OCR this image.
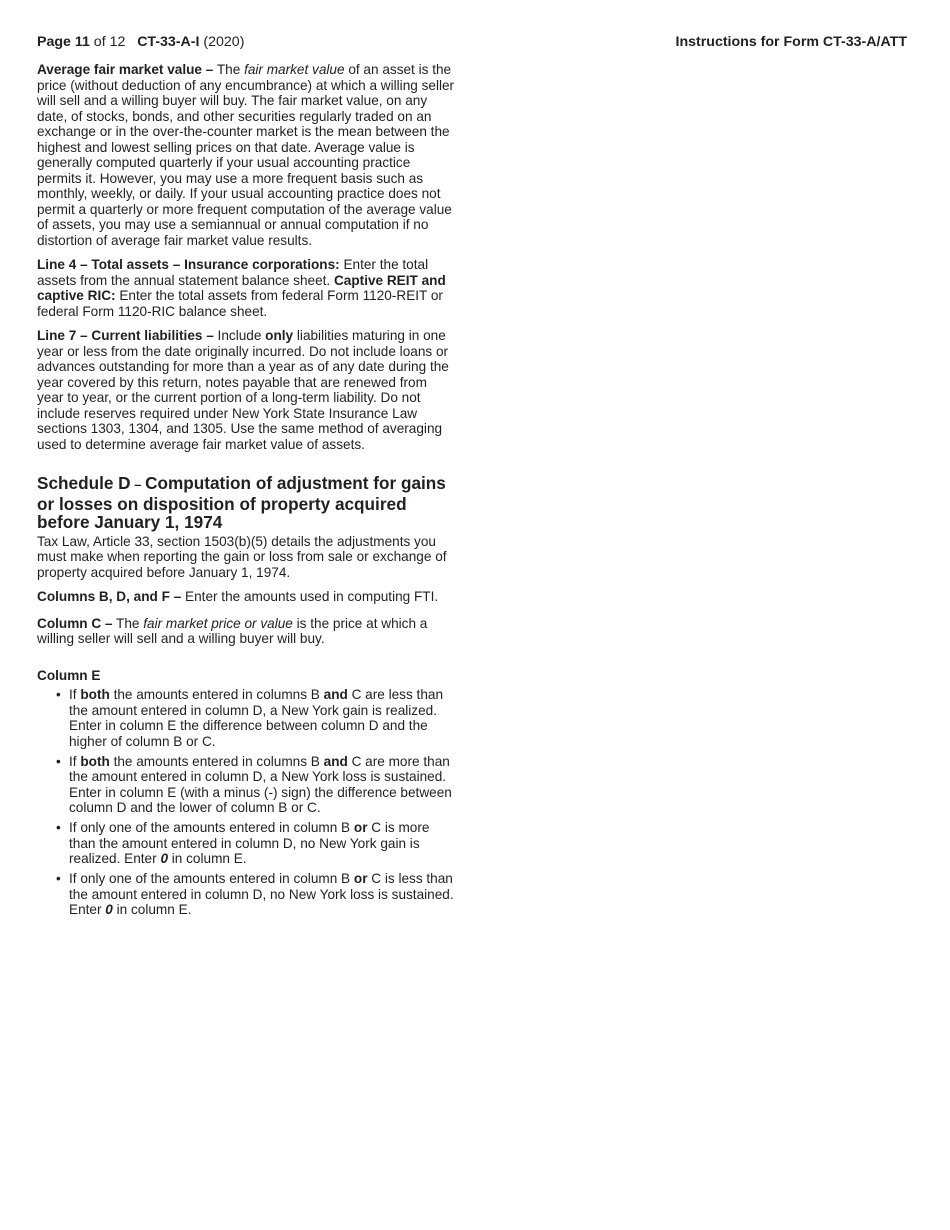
Page 11 of 12 CT-33-A-I (2020)	Instructions for Form CT-33-A/ATT

Average fair market value – The fair market value of an asset is the price (without deduction of any encumbrance) at which a willing seller will sell and a willing buyer will buy. The fair market value, on any date, of stocks, bonds, and other securities regularly traded on an exchange or in the over-the-counter market is the mean between the highest and lowest selling prices on that date. Average value is generally computed quarterly if your usual accounting practice permits it. However, you may use a more frequent basis such as monthly, weekly, or daily. If your usual accounting practice does not permit a quarterly or more frequent computation of the average value of assets, you may use a semiannual or annual computation if no distortion of average fair market value results.

Line 4 – Total assets – Insurance corporations: Enter the total assets from the annual statement balance sheet. Captive REIT and captive RIC: Enter the total assets from federal Form 1120-REIT or federal Form 1120-RIC balance sheet.

Line 7 – Current liabilities – Include only liabilities maturing in one year or less from the date originally incurred. Do not include loans or advances outstanding for more than a year as of any date during the year covered by this return, notes payable that are renewed from year to year, or the current portion of a long-term liability. Do not include reserves required under New York State Insurance Law sections 1303, 1304, and 1305. Use the same method of averaging used to determine average fair market value of assets.

Schedule D – Computation of adjustment for gains or losses on disposition of property acquired before January 1, 1974

Tax Law, Article 33, section 1503(b)(5) details the adjustments you must make when reporting the gain or loss from sale or exchange of property acquired before January 1, 1974.

Columns B, D, and F – Enter the amounts used in computing FTI.

Column C – The fair market price or value is the price at which a willing seller will sell and a willing buyer will buy.

Column E
• If both the amounts entered in columns B and C are less than the amount entered in column D, a New York gain is realized. Enter in column E the difference between column D and the higher of column B or C.
• If both the amounts entered in columns B and C are more than the amount entered in column D, a New York loss is sustained. Enter in column E (with a minus (-) sign) the difference between column D and the lower of column B or C.
• If only one of the amounts entered in column B or C is more than the amount entered in column D, no New York gain is realized. Enter 0 in column E.
• If only one of the amounts entered in column B or C is less than the amount entered in column D, no New York loss is sustained. Enter 0 in column E.
